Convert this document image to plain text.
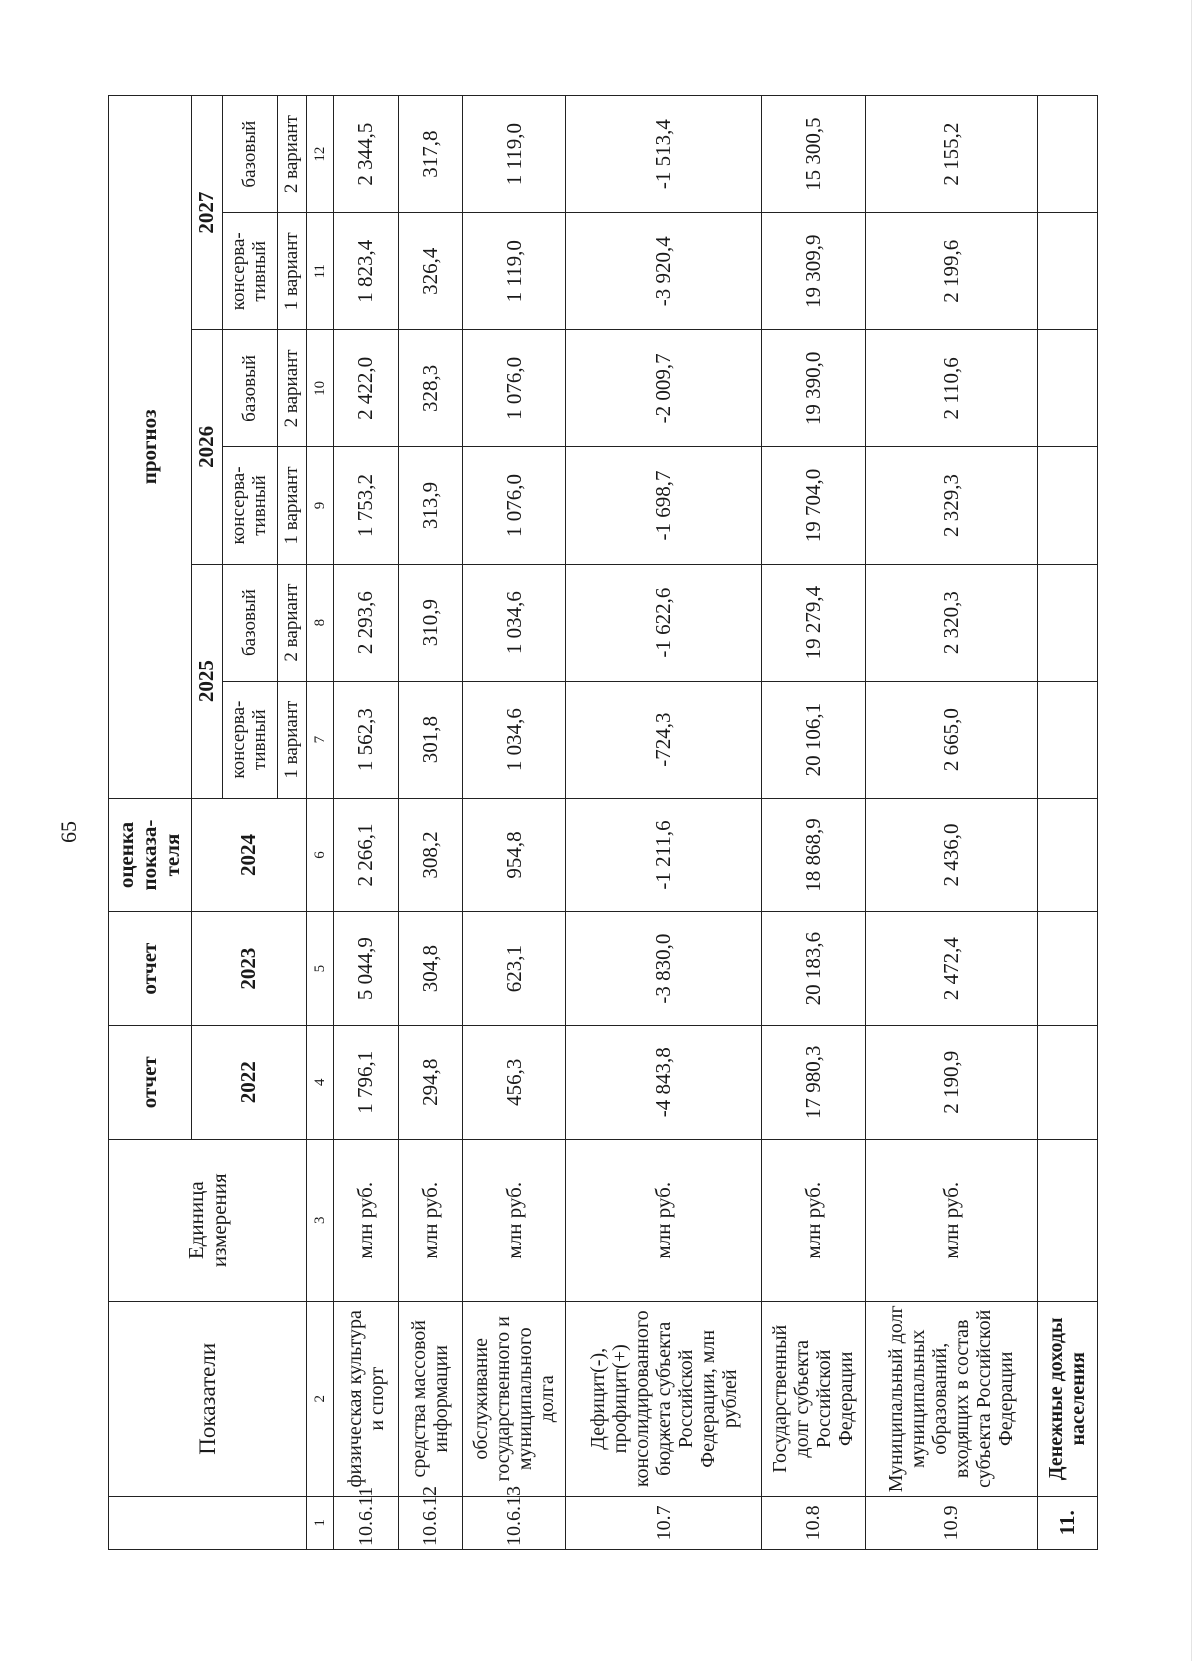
65
	Показатели	Единица измерения	отчет	отчет	оценка показа-теля	прогноз					
			2022	2023	2024	2025		2026		2027	
						консерва-тивный	базовый	консерва-тивный	базовый	консерва-тивный	базовый
						1 вариант	2 вариант	1 вариант	2 вариант	1 вариант	2 вариант
1	2	3	4	5	6	7	8	9	10	11	12
10.6.11	физическая культура и спорт	млн руб.	1 796,1	5 044,9	2 266,1	1 562,3	2 293,6	1 753,2	2 422,0	1 823,4	2 344,5
10.6.12	средства массовой информации	млн руб.	294,8	304,8	308,2	301,8	310,9	313,9	328,3	326,4	317,8
10.6.13	обслуживание государственного и муниципального долга	млн руб.	456,3	623,1	954,8	1 034,6	1 034,6	1 076,0	1 076,0	1 119,0	1 119,0
10.7	Дефицит(-), профицит(+) консолидированного бюджета субъекта Российской Федерации, млн рублей	млн руб.	-4 843,8	-3 830,0	-1 211,6	-724,3	-1 622,6	-1 698,7	-2 009,7	-3 920,4	-1 513,4
10.8	Государственный долг субъекта Российской Федерации	млн руб.	17 980,3	20 183,6	18 868,9	20 106,1	19 279,4	19 704,0	19 390,0	19 309,9	15 300,5
10.9	Муниципальный долг муниципальных образований, входящих в состав субъекта Российской Федерации	млн руб.	2 190,9	2 472,4	2 436,0	2 665,0	2 320,3	2 329,3	2 110,6	2 199,6	2 155,2
11.	Денежные доходы населения										
